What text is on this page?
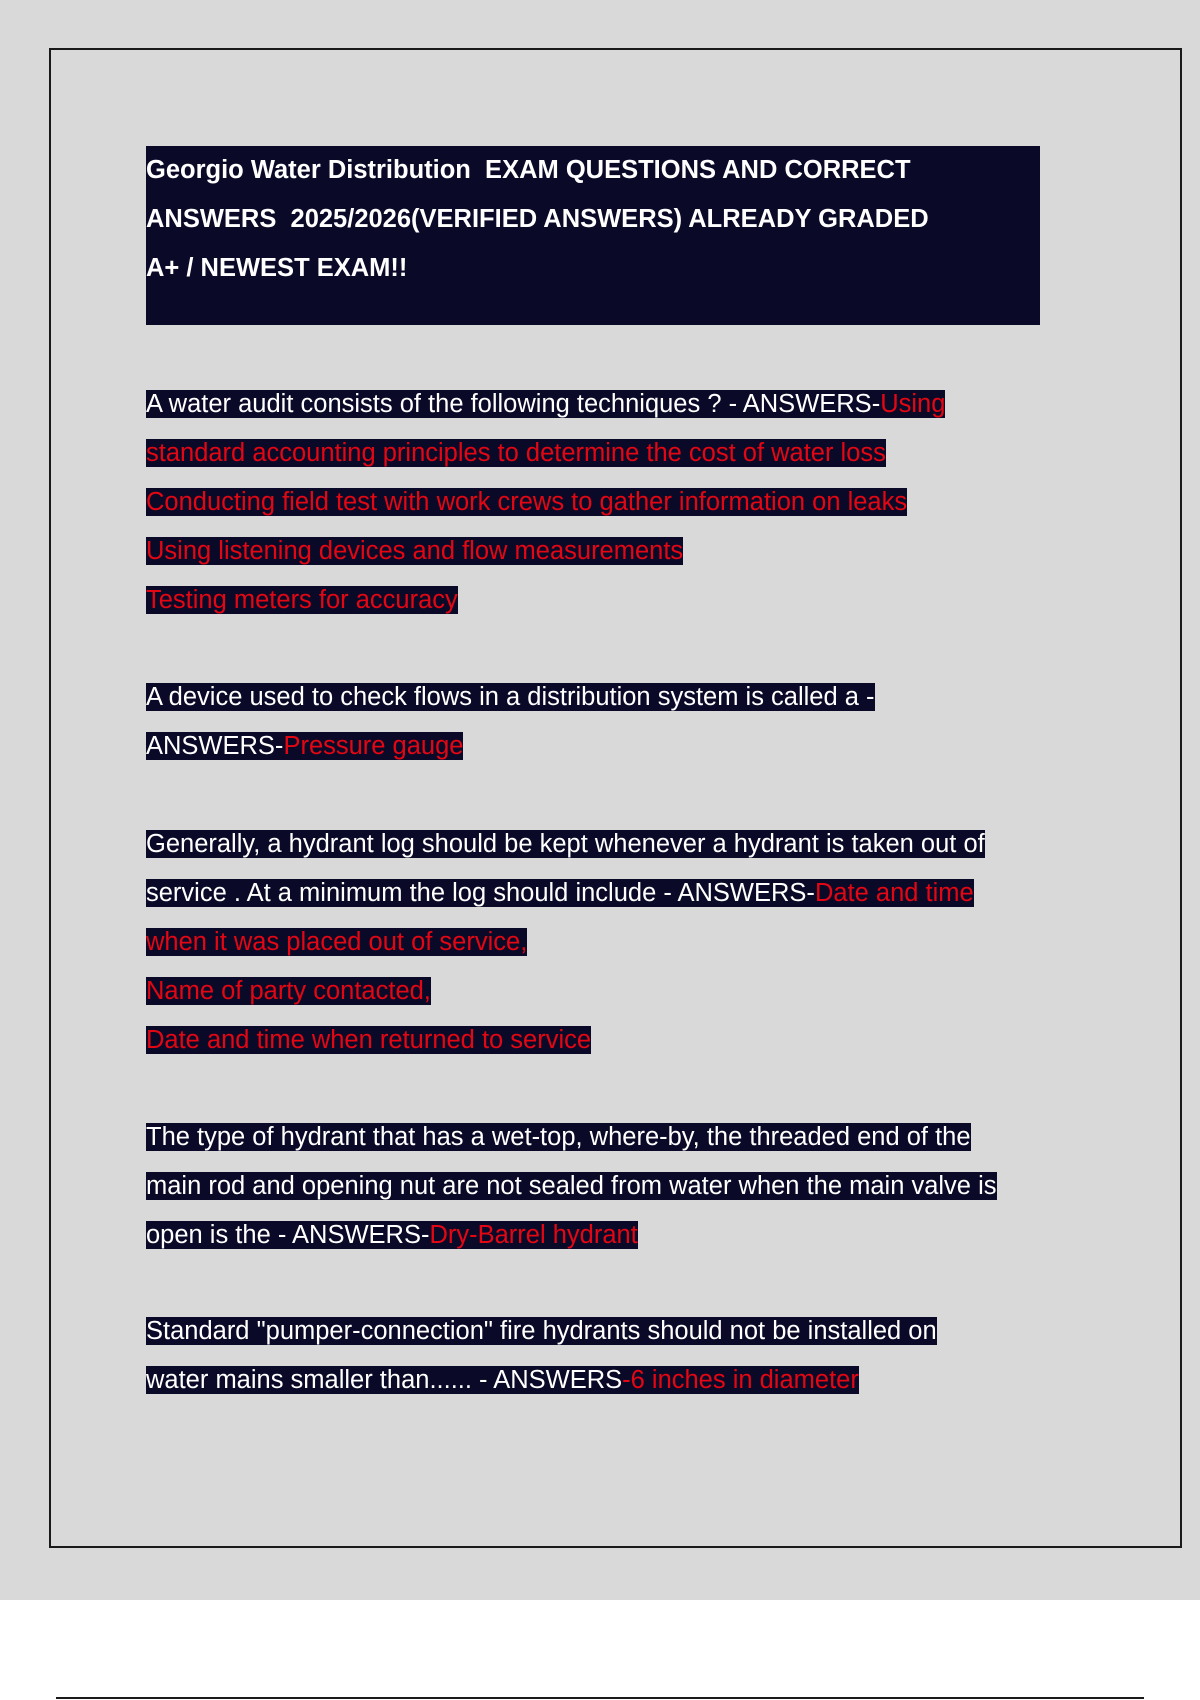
Georgio Water Distribution  EXAM QUESTIONS AND CORRECT
ANSWERS  2025/2026(VERIFIED ANSWERS) ALREADY GRADED
A+ / NEWEST EXAM!!
A water audit consists of the following techniques ? - ANSWERS-Using
standard accounting principles to determine the cost of water loss
Conducting field test with work crews to gather information on leaks
Using listening devices and flow measurements
Testing meters for accuracy
A device used to check flows in a distribution system is called a -
ANSWERS-Pressure gauge
Generally, a hydrant log should be kept whenever a hydrant is taken out of
service . At a minimum the log should include - ANSWERS-Date and time
when it was placed out of service,
Name of party contacted,
Date and time when returned to service
The type of hydrant that has a wet-top, where-by, the threaded end of the
main rod and opening nut are not sealed from water when the main valve is
open is the - ANSWERS-Dry-Barrel hydrant
Standard "pumper-connection" fire hydrants should not be installed on
water mains smaller than...... - ANSWERS-6 inches in diameter
